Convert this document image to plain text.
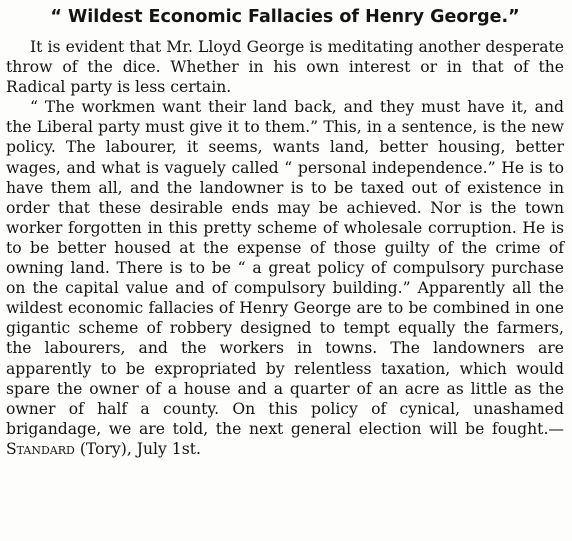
“ Wildest Economic Fallacies of Henry George.”

It is evident that Mr. Lloyd George is meditating another desperate throw of the dice. Whether in his own interest or in that of the Radical party is less certain.

“ The workmen want their land back, and they must have it, and the Liberal party must give it to them.” This, in a sentence, is the new policy. The labourer, it seems, wants land, better housing, better wages, and what is vaguely called “ personal independence.” He is to have them all, and the landowner is to be taxed out of existence in order that these desirable ends may be achieved. Nor is the town worker forgotten in this pretty scheme of wholesale corruption. He is to be better housed at the expense of those guilty of the crime of owning land. There is to be “ a great policy of compulsory purchase on the capital value and of compulsory building.” Apparently all the wildest economic fallacies of Henry George are to be combined in one gigantic scheme of robbery designed to tempt equally the farmers, the labourers, and the workers in towns. The landowners are apparently to be expropriated by relentless taxation, which would spare the owner of a house and a quarter of an acre as little as the owner of half a county. On this policy of cynical, unashamed brigandage, we are told, the next general election will be fought.—Standard (Tory), July 1st.
